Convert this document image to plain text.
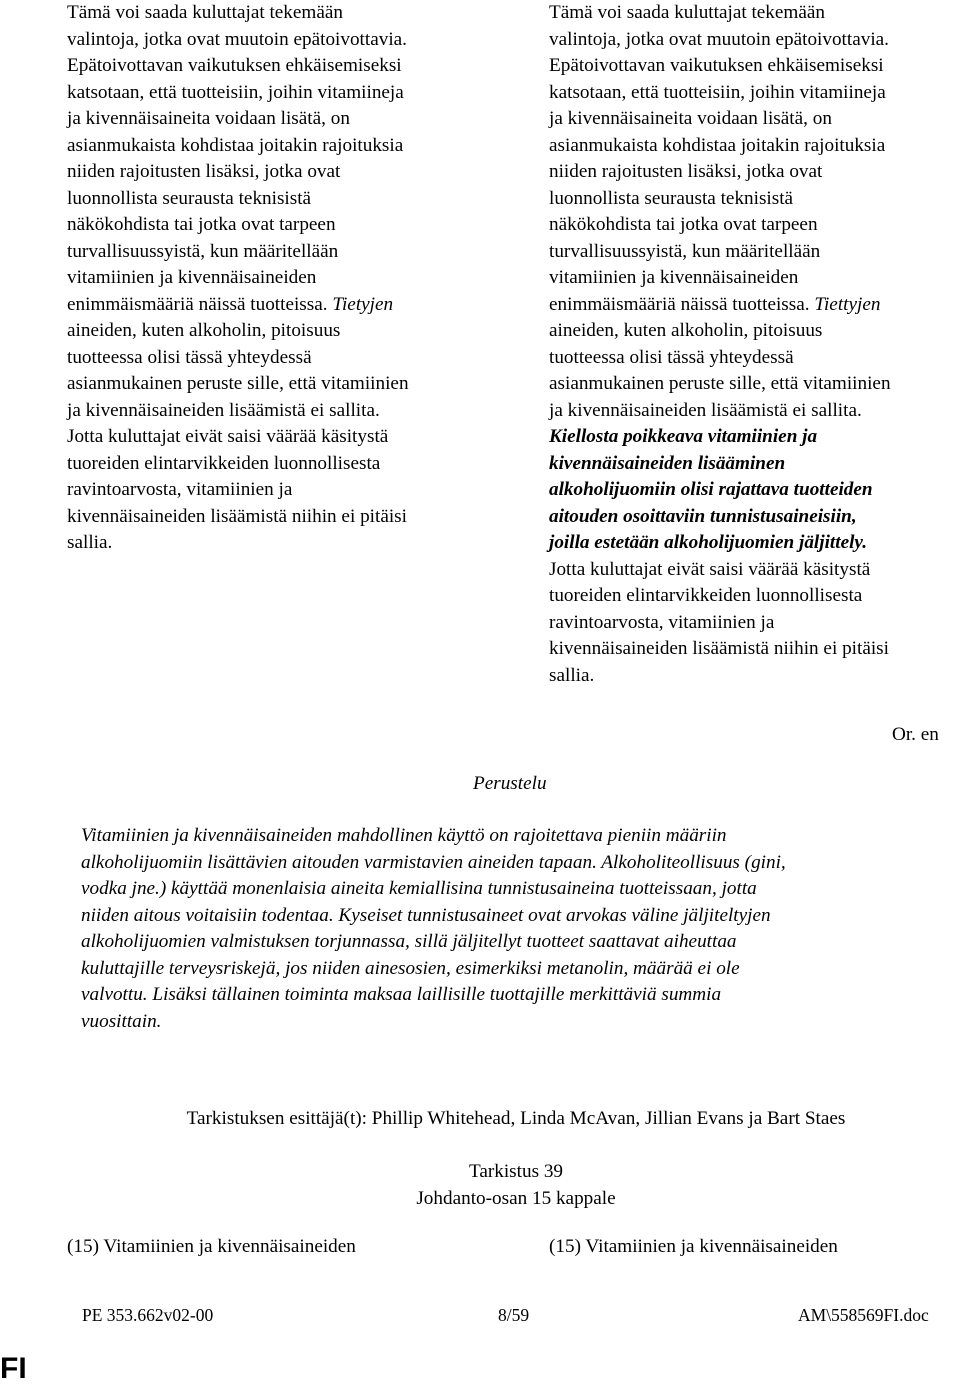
Tämä voi saada kuluttajat tekemään
valintoja, jotka ovat muutoin epätoivottavia.
Epätoivottavan vaikutuksen ehkäisemiseksi
katsotaan, että tuotteisiin, joihin vitamiineja
ja kivennäisaineita voidaan lisätä, on
asianmukaista kohdistaa joitakin rajoituksia
niiden rajoitusten lisäksi, jotka ovat
luonnollista seurausta teknisistä
näkökohdista tai jotka ovat tarpeen
turvallisuussyistä, kun määritellään
vitamiinien ja kivennäisaineiden
enimmäismääriä näissä tuotteissa. Tietyjen
aineiden, kuten alkoholin, pitoisuus
tuotteessa olisi tässä yhteydessä
asianmukainen peruste sille, että vitamiinien
ja kivennäisaineiden lisäämistä ei sallita.
Jotta kuluttajat eivät saisi väärää käsitystä
tuoreiden elintarvikkeiden luonnollisesta
ravintoarvosta, vitamiinien ja
kivennäisaineiden lisäämistä niihin ei pitäisi
sallia.
Tämä voi saada kuluttajat tekemään
valintoja, jotka ovat muutoin epätoivottavia.
Epätoivottavan vaikutuksen ehkäisemiseksi
katsotaan, että tuotteisiin, joihin vitamiineja
ja kivennäisaineita voidaan lisätä, on
asianmukaista kohdistaa joitakin rajoituksia
niiden rajoitusten lisäksi, jotka ovat
luonnollista seurausta teknisistä
näkökohdista tai jotka ovat tarpeen
turvallisuussyistä, kun määritellään
vitamiinien ja kivennäisaineiden
enimmäismääriä näissä tuotteissa. Tiettyjen
aineiden, kuten alkoholin, pitoisuus
tuotteessa olisi tässä yhteydessä
asianmukainen peruste sille, että vitamiinien
ja kivennäisaineiden lisäämistä ei sallita.
Kiellosta poikkeava vitamiinien ja
kivennäisaineiden lisääminen
alkoholijuomiin olisi rajattava tuotteiden
aitouden osoittaviin tunnistusaineisiin,
joilla estetään alkoholijuomien jäljittely.
Jotta kuluttajat eivät saisi väärää käsitystä
tuoreiden elintarvikkeiden luonnollisesta
ravintoarvosta, vitamiinien ja
kivennäisaineiden lisäämistä niihin ei pitäisi
sallia.
Or. en
Perustelu
Vitamiinien ja kivennäisaineiden mahdollinen käyttö on rajoitettava pieniin määriin
alkoholijuomiin lisättävien aitouden varmistavien aineiden tapaan. Alkoholiteollisuus (gini,
vodka jne.) käyttää monenlaisia aineita kemiallisina tunnistusaineina tuotteissaan, jotta
niiden aitous voitaisiin todentaa. Kyseiset tunnistusaineet ovat arvokas väline jäljiteltyjen
alkoholijuomien valmistuksen torjunnassa, sillä jäljitellyt tuotteet saattavat aiheuttaa
kuluttajille terveysriskejä, jos niiden ainesosien, esimerkiksi metanolin, määrää ei ole
valvottu. Lisäksi tällainen toiminta maksaa laillisille tuottajille merkittäviä summia
vuosittain.
Tarkistuksen esittäjä(t): Phillip Whitehead, Linda McAvan, Jillian Evans ja Bart Staes
Tarkistus 39
Johdanto-osan 15 kappale
(15) Vitamiinien ja kivennäisaineiden	(15) Vitamiinien ja kivennäisaineiden
PE 353.662v02-00	8/59	AM\558569FI.doc
FI
